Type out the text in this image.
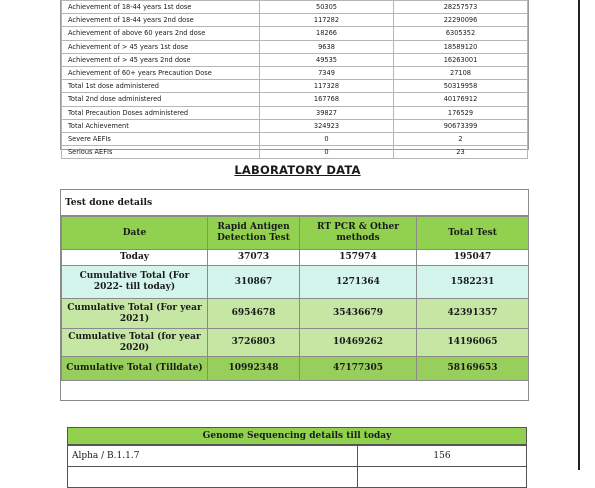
Achievement of 18-44 years 1st dose	50305	28257573
Achievement of 18-44 years 2nd dose	117282	22290096
Achievement of above 60 years 2nd dose	18266	6305352
Achievement of > 45 years 1st dose	9638	18589120
Achievement of > 45 years 2nd dose	49535	16263001
Achievement of 60+ years Precaution Dose	7349	27108
Total 1st dose administered	117328	50319958
Total 2nd dose administered	167768	40176912
Total Precaution Doses administered	39827	176529
Total Achievement	324923	90673399
Severe AEFIs	0	2
Serious AEFIs	0	23
LABORATORY DATA
Test done details
Date	Rapid Antigen Detection Test	RT PCR & Other methods	Total Test
Today	37073	157974	195047
Cumulative Total (For 2022- till today)	310867	1271364	1582231
Cumulative Total (For year 2021)	6954678	35436679	42391357
Cumulative Total (for year 2020)	3726803	10469262	14196065
Cumulative Total (Tilldate)	10992348	47177305	58169653
Genome Sequencing details till today
Alpha / B.1.1.7	156
